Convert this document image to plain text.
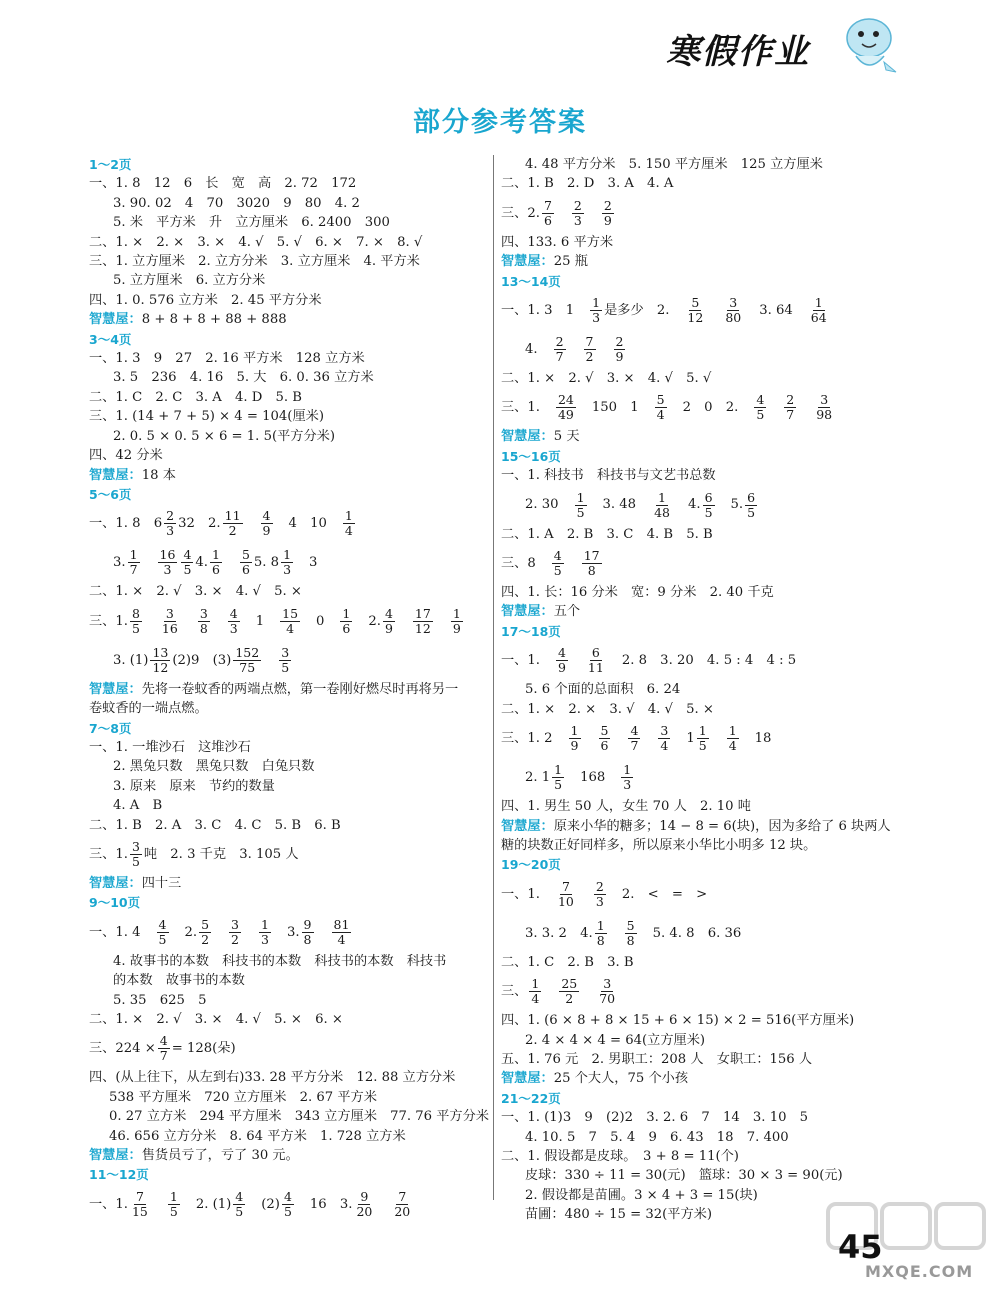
寒假作业
部分参考答案
1～2页
一、1. 8　12　6　长　宽　高　2. 72　172
3. 90. 02　4　70　3020　9　80　4. 2
5. 米　平方米　升　立方厘米　6. 2400　300
二、1. ×　2. ×　3. ×　4. √　5. √　6. ×　7. ×　8. √
三、1. 立方厘米　2. 立方分米　3. 立方厘米　4. 平方米
5. 立方厘米　6. 立方分米
四、1. 0. 576 立方米　2. 45 平方分米
智慧屋：8 + 8 + 8 + 88 + 888
3～4页
一、1. 3　9　27　2. 16 平方米　128 立方米
3. 5　236　4. 16　5. 大　6. 0. 36 立方米
二、1. C　2. C　3. A　4. D　5. B
三、1. (14 + 7 + 5) × 4 = 104(厘米)
2. 0. 5 × 0. 5 × 6 = 1. 5(平方分米)
四、42 分米
智慧屋：18 本
5～6页
一、1. 8　$6 \frac{2}{3} 32$　2. $\frac{11}{2} \frac{4}{9} 4$　$10 \frac{1}{4}$
3. $\frac{1}{7} \frac{16}{3} \frac{4}{5} 4$. $\frac{1}{6} \frac{5}{6} 5$. $8 \frac{1}{3} 3$
二、1. ×　2. √　3. ×　4. √　5. ×
三、1. $\frac{8}{5} \frac{3}{16} \frac{3}{8} \frac{4}{3} 1 \frac{15}{4} 0 \frac{1}{6} 2$. $\frac{4}{9} \frac{17}{12} \frac{1}{9}$
3. $(1) \frac{13}{12} (2)9$　$(3) \frac{152}{75} \frac{3}{5}$
智慧屋：先将一卷蚊香的两端点燃，第一卷刚好燃尽时再将另一
卷蚊香的一端点燃。
7～8页
一、1. 一堆沙石　这堆沙石
2. 黑兔只数　黑兔只数　白兔只数
3. 原来　原来　节约的数量
4. A　B
二、1. B　2. A　3. C　4. C　5. B　6. B
三、1. $\frac{3}{5}$ 吨　2. 3 千克　3. 105 人
智慧屋：四十三
9～10页
一、1. $4 \frac{4}{5} 2$. $\frac{5}{2} \frac{3}{2} \frac{1}{3} 3$. $\frac{9}{8} \frac{81}{4}$
4. 故事书的本数　科技书的本数　科技书的本数　科技书
的本数　故事书的本数
5. 35　625　5
二、1. ×　2. √　3. ×　4. √　5. ×　6. ×
三、$224 \times \frac{4}{7} = 128$(朵)
四、(从上往下，从左到右)33. 28 平方分米　12. 88 立方分米
538 平方厘米　720 立方厘米　2. 67 平方米
0. 27 立方米　294 平方厘米　343 立方厘米　77. 76 平方分米
46. 656 立方分米　8. 64 平方米　1. 728 立方米
智慧屋：售货员亏了，亏了 30 元。
11～12页
一、1. $\frac{7}{15} \frac{1}{5} 2$. $(1) \frac{4}{5} (2) \frac{4}{5} 16$　3. $\frac{9}{20} \frac{7}{20}$
4. 48 平方分米　5. 150 平方厘米　125 立方厘米
二、1. B　2. D　3. A　4. A
三、2. $\frac{7}{6} \frac{2}{3} \frac{2}{9}$
四、133. 6 平方米
智慧屋：25 瓶
13～14页
一、1. 3　$1 \frac{1}{3}$ 是多少　2. $\frac{5}{12} \frac{3}{80} 3$. $64 \frac{1}{64}$
4. $\frac{2}{7} \frac{7}{2} \frac{2}{9}$
二、1. ×　2. √　3. ×　4. √　5. √
三、1. $\frac{24}{49} 150$　$1 \frac{5}{4} 2$　0　2. $\frac{4}{5} \frac{2}{7} \frac{3}{98}$
智慧屋：5 天
15～16页
一、1. 科技书　科技书与文艺书总数
2. $30 \frac{1}{5} 3$. $48 \frac{1}{48} 4$. $\frac{6}{5} 5$. $\frac{6}{5}$
二、1. A　2. B　3. C　4. B　5. B
三、$8 \frac{4}{5} \frac{17}{8}$
四、1. 长：16 分米　宽：9 分米　2. 40 千克
智慧屋：五个
17～18页
一、1. $\frac{4}{9} \frac{6}{11} 2$. 8　3. 20　4. 5 : 4　4 : 5
5. 6 个面的总面积　6. 24
二、1. ×　2. ×　3. √　4. √　5. ×
三、1. $2 \frac{1}{9} \frac{5}{6} \frac{4}{7} \frac{3}{4} 1 \frac{1}{5} \frac{1}{4} 18$
2. $1 \frac{1}{5} 168 \frac{1}{3}$
四、1. 男生 50 人，女生 70 人　2. 10 吨
智慧屋：原来小华的糖多；14 − 8 = 6(块)，因为多给了 6 块两人
糖的块数正好同样多，所以原来小华比小明多 12 块。
19～20页
一、1. $\frac{7}{10} \frac{2}{3} 2$.　<　=　>
3. 3. 2　4. $\frac{1}{8} \frac{5}{8} 5$. 4. 8　6. 36
二、1. C　2. B　3. B
三、 $\frac{1}{4} \frac{25}{2} \frac{3}{70}$
四、1. (6 × 8 + 8 × 15 + 6 × 15) × 2 = 516(平方厘米)
2. 4 × 4 × 4 = 64(立方厘米)
五、1. 76 元　2. 男职工：208 人　女职工：156 人
智慧屋：25 个大人，75 个小孩
21～22页
一、1. (1)3　9　(2)2　3. 2. 6　7　14　3. 10　5
4. 10. 5　7　5. 4　9　6. 43　18　7. 400
二、1. 假设都是皮球。　3 + 8 = 11(个)
皮球：330 ÷ 11 = 30(元)　篮球：30 × 3 = 90(元)
2. 假设都是苗圃。3 × 4 + 3 = 15(块)
苗圃：480 ÷ 15 = 32(平方米)
45
MXQE.COM
